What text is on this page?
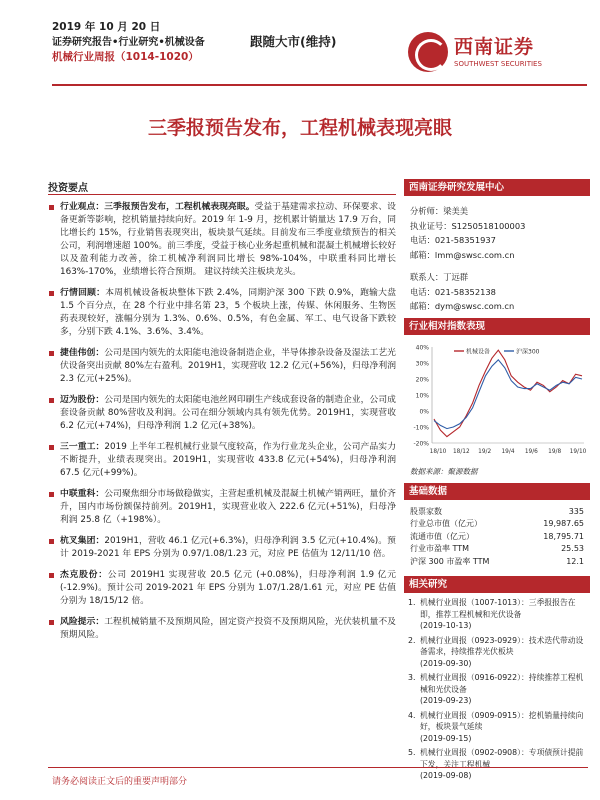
2019 年 10 月 20 日
证券研究报告•行业研究•机械设备
机械行业周报（1014-1020）
跟随大市(维持)	西南证券
SOUTHWEST SECURITIES
三季报预告发布，工程机械表现亮眼
投资要点
行业观点：三季报预告发布，工程机械表现亮眼。受益于基建需求拉动、环保要求、设备更新等影响，挖机销量持续向好。2019 年 1-9 月，挖机累计销量达 17.9 万台，同比增长约 15%，行业销售表现突出，板块景气延续。目前发布三季度业绩预告的相关公司，利润增速超 100%。前三季度，受益于核心业务起重机械和混凝土机械增长较好以及盈利能力改善，徐工机械净利润同比增长 98%-104%，中联重科同比增长 163%-170%，业绩增长符合预期。 建议持续关注板块龙头。
行情回顾：本周机械设备板块整体下跌 2.4%，同期沪深 300 下跌 0.9%，跑输大盘 1.5 个百分点，在 28 个行业中排名第 23，5 个板块上涨，传媒、休闲服务、生物医药表现较好，涨幅分别为 1.3%、0.6%、0.5%，有色金属、军工、电气设备下跌较多，分别下跌 4.1%、3.6%、3.4%。
捷佳伟创：公司是国内领先的太阳能电池设备制造企业，半导体掺杂设备及湿法工艺光伏设备突出贡献 80%左右盈利。2019H1，实现营收 12.2 亿元(+56%)，归母净利润 2.3 亿元(+25%)。
迈为股份：公司是国内领先的太阳能电池丝网印刷生产线成套设备的制造企业，公司成套设备贡献 80%营收及利润。公司在细分领域内具有领先优势。2019H1，实现营收 6.2 亿元(+74%)，归母净利润 1.2 亿元(+38%)。
三一重工：2019 上半年工程机械行业景气度较高，作为行业龙头企业，公司产品实力不断提升，业绩表现突出。2019H1，实现营收 433.8 亿元(+54%)，归母净利润 67.5 亿元(+99%)。
中联重科：公司聚焦细分市场做稳做实，主营起重机械及混凝土机械产销两旺，量价齐升，国内市场份额保持前列。2019H1，实现营业收入 222.6 亿元(+51%)，归母净利润 25.8 亿（+198%）。
杭叉集团：2019H1，营收 46.1 亿元(+6.3%)，归母净利润 3.5 亿元(+10.4%)。预计 2019-2021 年 EPS 分别为 0.97/1.08/1.23 元，对应 PE 估值为 12/11/10 倍。
杰克股份：公司 2019H1 实现营收 20.5 亿元 (+0.08%)，归母净利润 1.9 亿元(-12.9%)。预计公司 2019-2021 年 EPS 分别为 1.07/1.28/1.61 元，对应 PE 估值分别为 18/15/12 倍。
风险提示：工程机械销量不及预期风险，固定资产投资不及预期风险，光伏装机量不及预期风险。
西南证券研究发展中心
分析师：梁美美
执业证号：S1250518100003
电话：021-58351937
邮箱：lmm@swsc.com.cn
联系人：丁远群
电话：021-58352138
邮箱：dym@swsc.com.cn
行业相对指数表现
40%
30%
20%
10%
0%
-10%
-20%
18/10 18/12 19/2 19/4 19/6 19/8 19/10
机械设备	沪深300
数据来源：聚源数据
基础数据
股票家数	335
行业总市值（亿元）	19,987.65
流通市值（亿元）	18,795.71
行业市盈率 TTM	25.53
沪深 300 市盈率 TTM	12.1
相关研究
1. 机械行业周报（1007-1013）：三季报报告在即，推荐工程机械和光伏设备
(2019-10-13)
2. 机械行业周报（0923-0929）：技术迭代带动设备需求，持续推荐光伏板块
(2019-09-30)
3. 机械行业周报（0916-0922）：持续推荐工程机械和光伏设备
(2019-09-23)
4. 机械行业周报（0909-0915）：挖机销量持续向好，板块景气延续
(2019-09-15)
5. 机械行业周报（0902-0908）：专项债预计提前下发，关注工程机械
(2019-09-08)
请务必阅读正文后的重要声明部分
